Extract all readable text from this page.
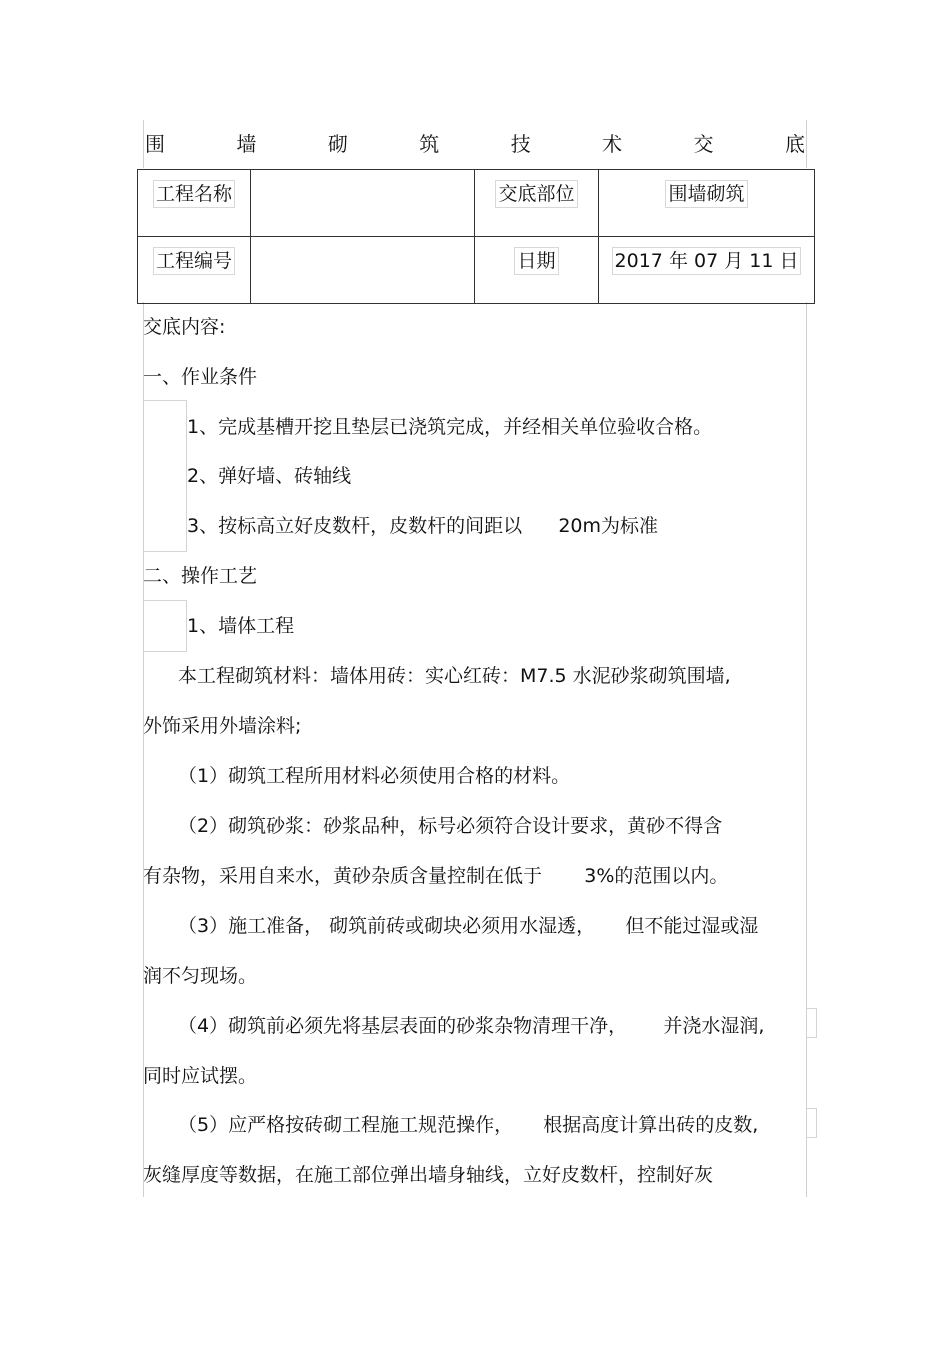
围	墙	砌	筑	技	术	交	底
工程名称		交底部位	围墙砌筑
工程编号		日期	2017 年 07 月 11 日
交底内容:
一、作业条件
1、完成基槽开挖且垫层已浇筑完成，并经相关单位验收合格。
2、弹好墙、砖轴线
3、按标高立好皮数杆，皮数杆的间距以      20m为标准
二、操作工艺
1、墙体工程
本工程砌筑材料：墙体用砖：实心红砖：M7.5 水泥砂浆砌筑围墙,
外饰采用外墙涂料;
（1）砌筑工程所用材料必须使用合格的材料。
（2）砌筑砂浆：砂浆品种，标号必须符合设计要求，黄砂不得含
有杂物，采用自来水，黄砂杂质含量控制在低于       3%的范围以内。
（3）施工准备， 砌筑前砖或砌块必须用水湿透，     但不能过湿或湿
润不匀现场。
（4）砌筑前必须先将基层表面的砂浆杂物清理干净，      并浇水湿润,
同时应试摆。
（5）应严格按砖砌工程施工规范操作，     根据高度计算出砖的皮数,
灰缝厚度等数据，在施工部位弹出墙身轴线，立好皮数杆，控制好灰
